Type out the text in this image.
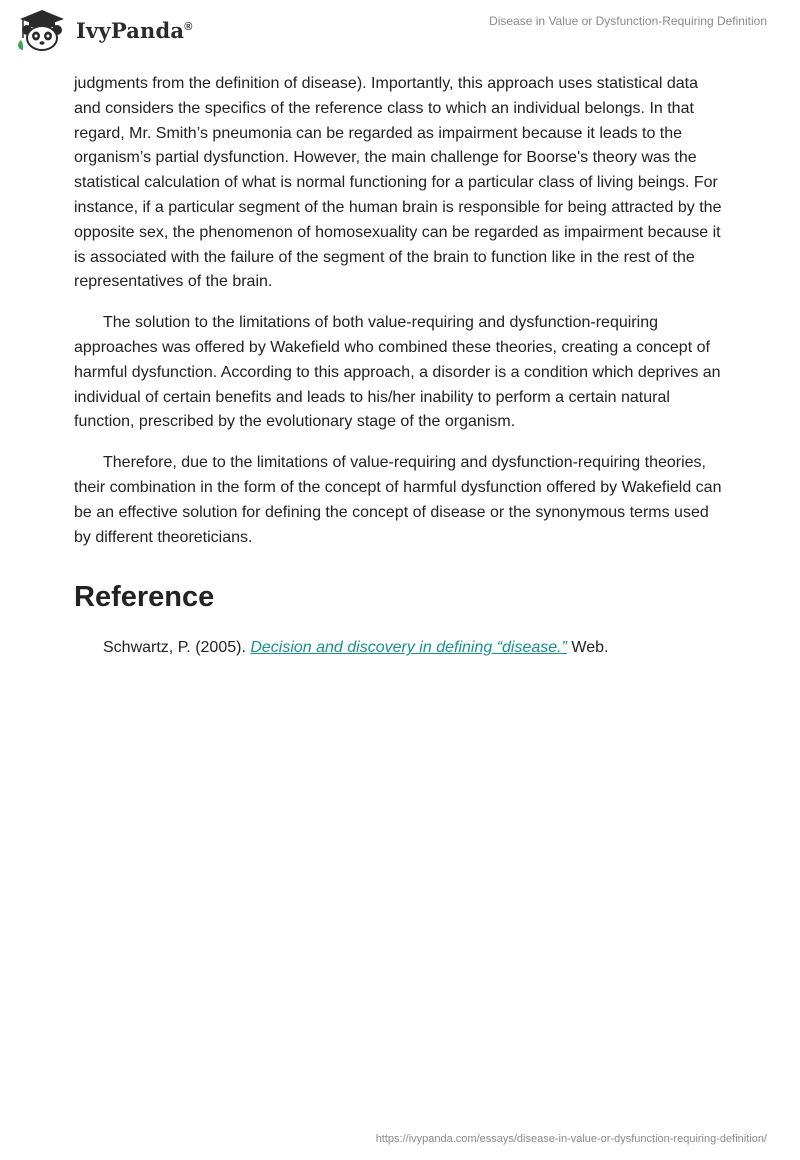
IvyPanda®	Disease in Value or Dysfunction-Requiring Definition

judgments from the definition of disease). Importantly, this approach uses statistical data and considers the specifics of the reference class to which an individual belongs. In that regard, Mr. Smith’s pneumonia can be regarded as impairment because it leads to the organism’s partial dysfunction. However, the main challenge for Boorse's theory was the statistical calculation of what is normal functioning for a particular class of living beings. For instance, if a particular segment of the human brain is responsible for being attracted by the opposite sex, the phenomenon of homosexuality can be regarded as impairment because it is associated with the failure of the segment of the brain to function like in the rest of the representatives of the brain.

The solution to the limitations of both value-requiring and dysfunction-requiring approaches was offered by Wakefield who combined these theories, creating a concept of harmful dysfunction. According to this approach, a disorder is a condition which deprives an individual of certain benefits and leads to his/her inability to perform a certain natural function, prescribed by the evolutionary stage of the organism.

Therefore, due to the limitations of value-requiring and dysfunction-requiring theories, their combination in the form of the concept of harmful dysfunction offered by Wakefield can be an effective solution for defining the concept of disease or the synonymous terms used by different theoreticians.

Reference
Schwartz, P. (2005). Decision and discovery in defining “disease.” Web.
https://ivypanda.com/essays/disease-in-value-or-dysfunction-requiring-definition/
